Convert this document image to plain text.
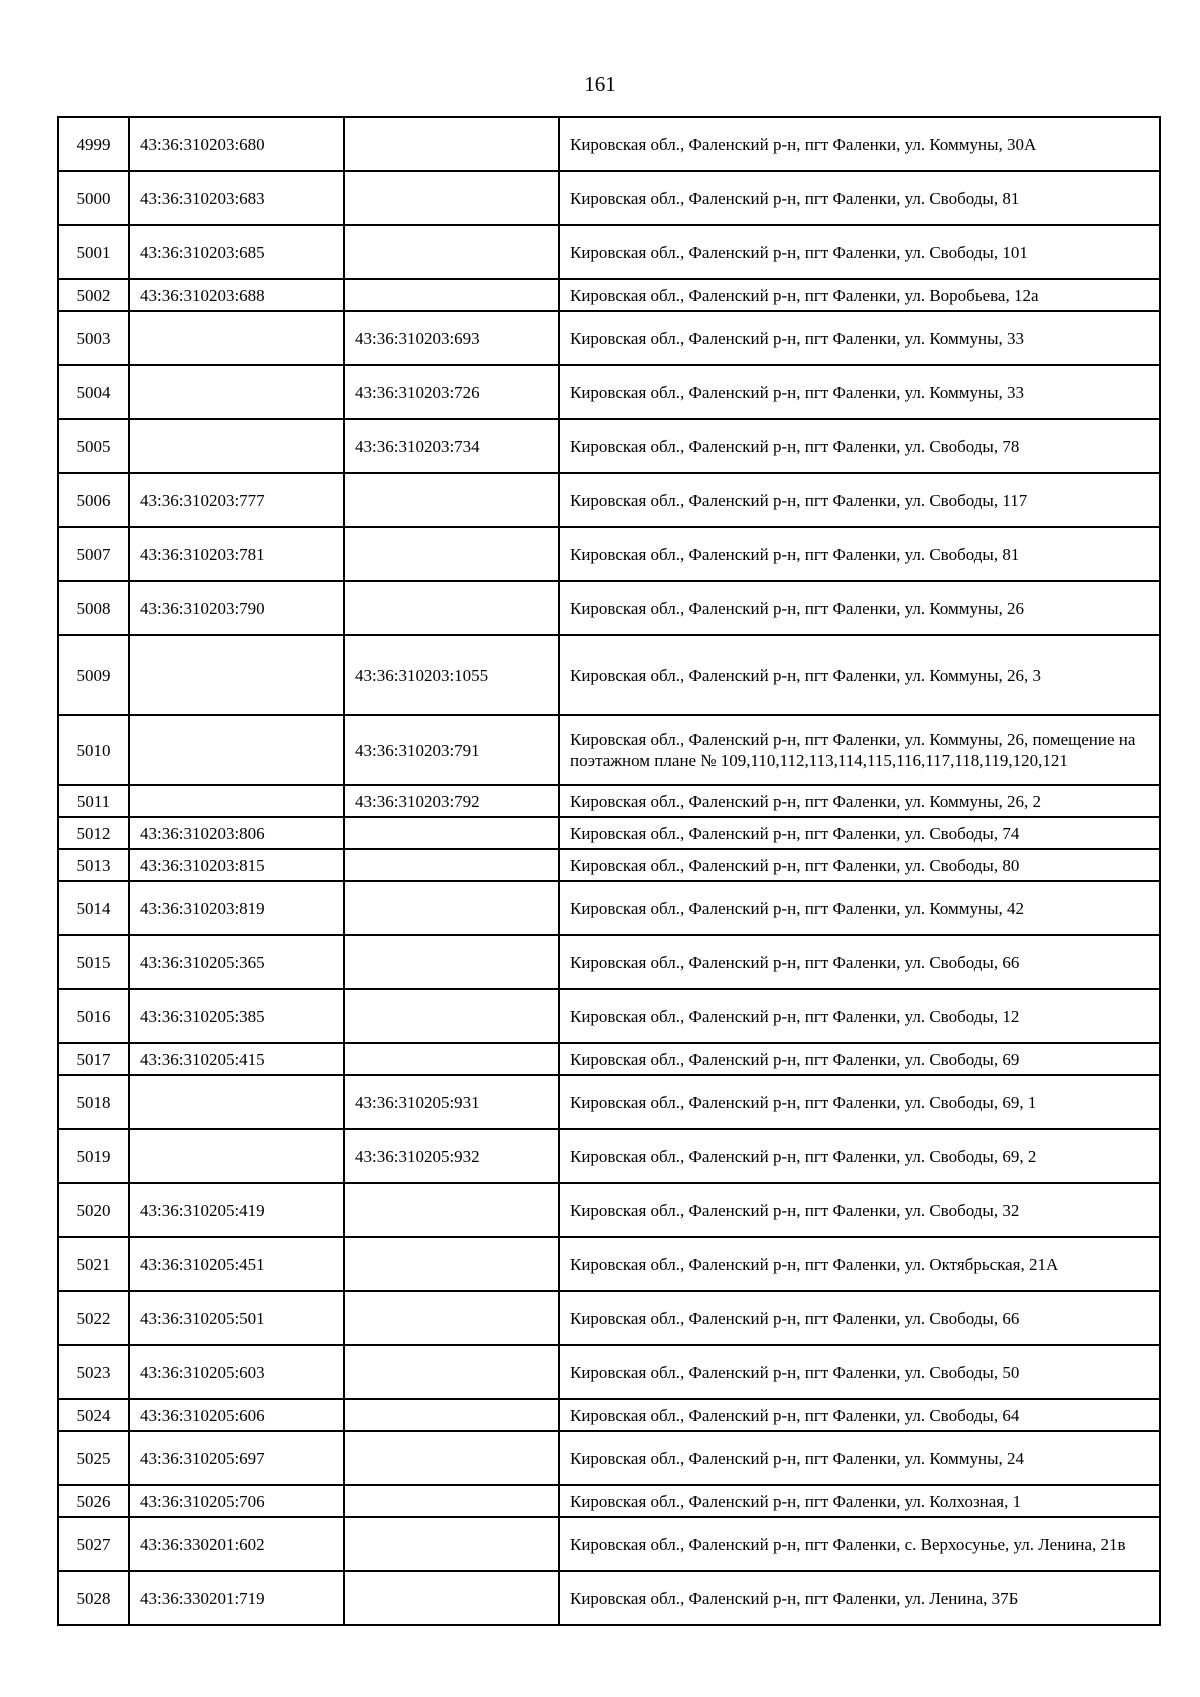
161
4999	43:36:310203:680		Кировская обл., Фаленский р-н, пгт Фаленки, ул. Коммуны, 30А
5000	43:36:310203:683		Кировская обл., Фаленский р-н, пгт Фаленки, ул. Свободы, 81
5001	43:36:310203:685		Кировская обл., Фаленский р-н, пгт Фаленки, ул. Свободы, 101
5002	43:36:310203:688		Кировская обл., Фаленский р-н, пгт Фаленки, ул. Воробьева, 12а
5003		43:36:310203:693	Кировская обл., Фаленский р-н, пгт Фаленки, ул. Коммуны, 33
5004		43:36:310203:726	Кировская обл., Фаленский р-н, пгт Фаленки, ул. Коммуны, 33
5005		43:36:310203:734	Кировская обл., Фаленский р-н, пгт Фаленки, ул. Свободы, 78
5006	43:36:310203:777		Кировская обл., Фаленский р-н, пгт Фаленки, ул. Свободы, 117
5007	43:36:310203:781		Кировская обл., Фаленский р-н, пгт Фаленки, ул. Свободы, 81
5008	43:36:310203:790		Кировская обл., Фаленский р-н, пгт Фаленки, ул. Коммуны, 26
5009		43:36:310203:1055	Кировская обл., Фаленский р-н, пгт Фаленки, ул. Коммуны, 26, 3
5010		43:36:310203:791	Кировская обл., Фаленский р-н, пгт Фаленки, ул. Коммуны, 26, помещение на поэтажном плане № 109,110,112,113,114,115,116,117,118,119,120,121
5011		43:36:310203:792	Кировская обл., Фаленский р-н, пгт Фаленки, ул. Коммуны, 26, 2
5012	43:36:310203:806		Кировская обл., Фаленский р-н, пгт Фаленки, ул. Свободы, 74
5013	43:36:310203:815		Кировская обл., Фаленский р-н, пгт Фаленки, ул. Свободы, 80
5014	43:36:310203:819		Кировская обл., Фаленский р-н, пгт Фаленки, ул. Коммуны, 42
5015	43:36:310205:365		Кировская обл., Фаленский р-н, пгт Фаленки, ул. Свободы, 66
5016	43:36:310205:385		Кировская обл., Фаленский р-н, пгт Фаленки, ул. Свободы, 12
5017	43:36:310205:415		Кировская обл., Фаленский р-н, пгт Фаленки, ул. Свободы, 69
5018		43:36:310205:931	Кировская обл., Фаленский р-н, пгт Фаленки, ул. Свободы, 69, 1
5019		43:36:310205:932	Кировская обл., Фаленский р-н, пгт Фаленки, ул. Свободы, 69, 2
5020	43:36:310205:419		Кировская обл., Фаленский р-н, пгт Фаленки, ул. Свободы, 32
5021	43:36:310205:451		Кировская обл., Фаленский р-н, пгт Фаленки, ул. Октябрьская, 21А
5022	43:36:310205:501		Кировская обл., Фаленский р-н, пгт Фаленки, ул. Свободы, 66
5023	43:36:310205:603		Кировская обл., Фаленский р-н, пгт Фаленки, ул. Свободы, 50
5024	43:36:310205:606		Кировская обл., Фаленский р-н, пгт Фаленки, ул. Свободы, 64
5025	43:36:310205:697		Кировская обл., Фаленский р-н, пгт Фаленки, ул. Коммуны, 24
5026	43:36:310205:706		Кировская обл., Фаленский р-н, пгт Фаленки, ул. Колхозная, 1
5027	43:36:330201:602		Кировская обл., Фаленский р-н, пгт Фаленки, с. Верхосунье, ул. Ленина, 21в
5028	43:36:330201:719		Кировская обл., Фаленский р-н, пгт Фаленки, ул. Ленина, 37Б
